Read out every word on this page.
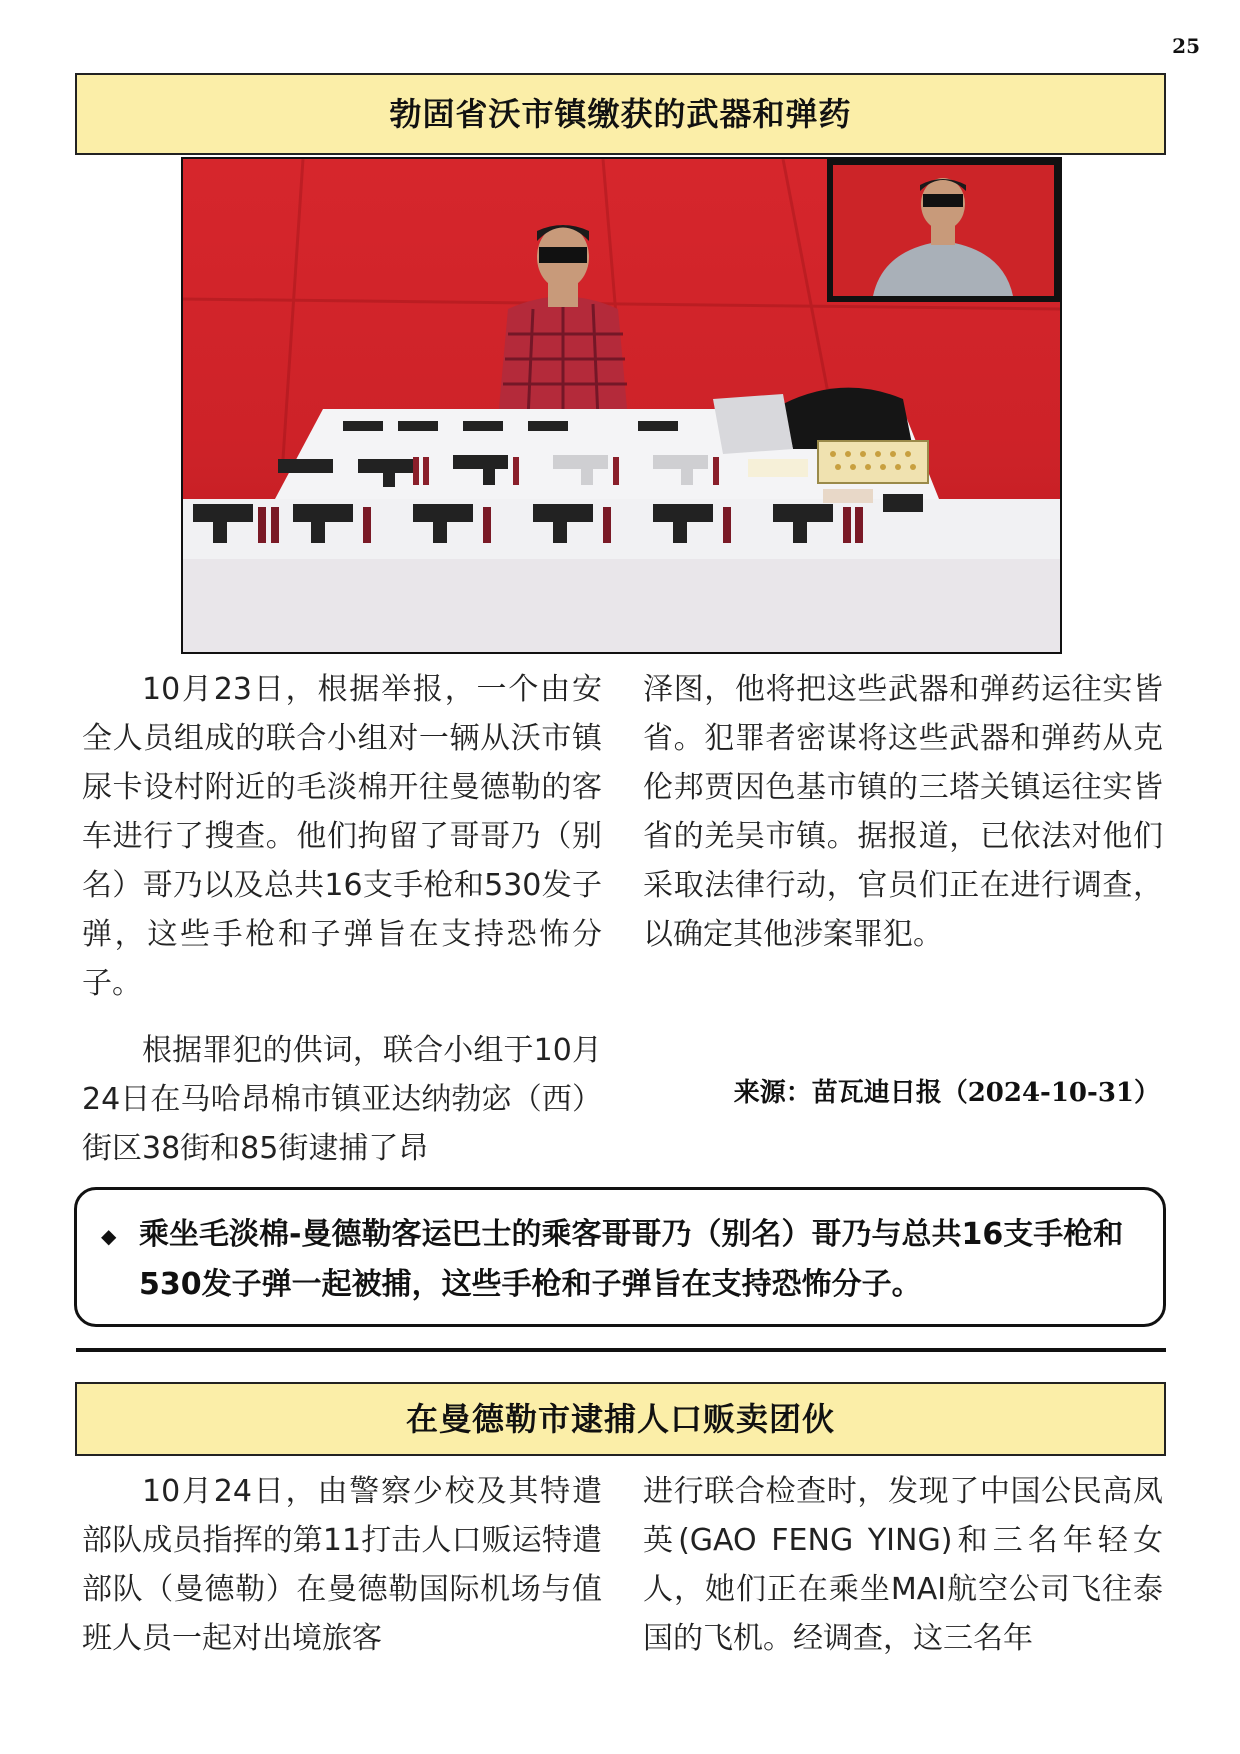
25
勃固省沃市镇缴获的武器和弹药

10月23日，根据举报，一个由安全人员组成的联合小组对一辆从沃市镇尿卡设村附近的毛淡棉开往曼德勒的客车进行了搜查。他们拘留了哥哥乃（别名）哥乃以及总共16支手枪和530发子弹，这些手枪和子弹旨在支持恐怖分子。

根据罪犯的供词，联合小组于10月24日在马哈昂棉市镇亚达纳勃宓（西）街区38街和85街逮捕了昂

泽图，他将把这些武器和弹药运往实皆省。犯罪者密谋将这些武器和弹药从克伦邦贾因色基市镇的三塔关镇运往实皆省的羌吴市镇。据报道，已依法对他们采取法律行动，官员们正在进行调查，以确定其他涉案罪犯。

来源：苗瓦迪日报（2024-10-31）
◆ 乘坐毛淡棉-曼德勒客运巴士的乘客哥哥乃（别名）哥乃与总共16支手枪和530发子弹一起被捕，这些手枪和子弹旨在支持恐怖分子。

在曼德勒市逮捕人口贩卖团伙

10月24日，由警察少校及其特遣部队成员指挥的第11打击人口贩运特遣部队（曼德勒）在曼德勒国际机场与值班人员一起对出境旅客

进行联合检查时，发现了中国公民高凤英(GAO FENG YING)和三名年轻女人，她们正在乘坐MAI航空公司飞往泰国的飞机。经调查，这三名年
